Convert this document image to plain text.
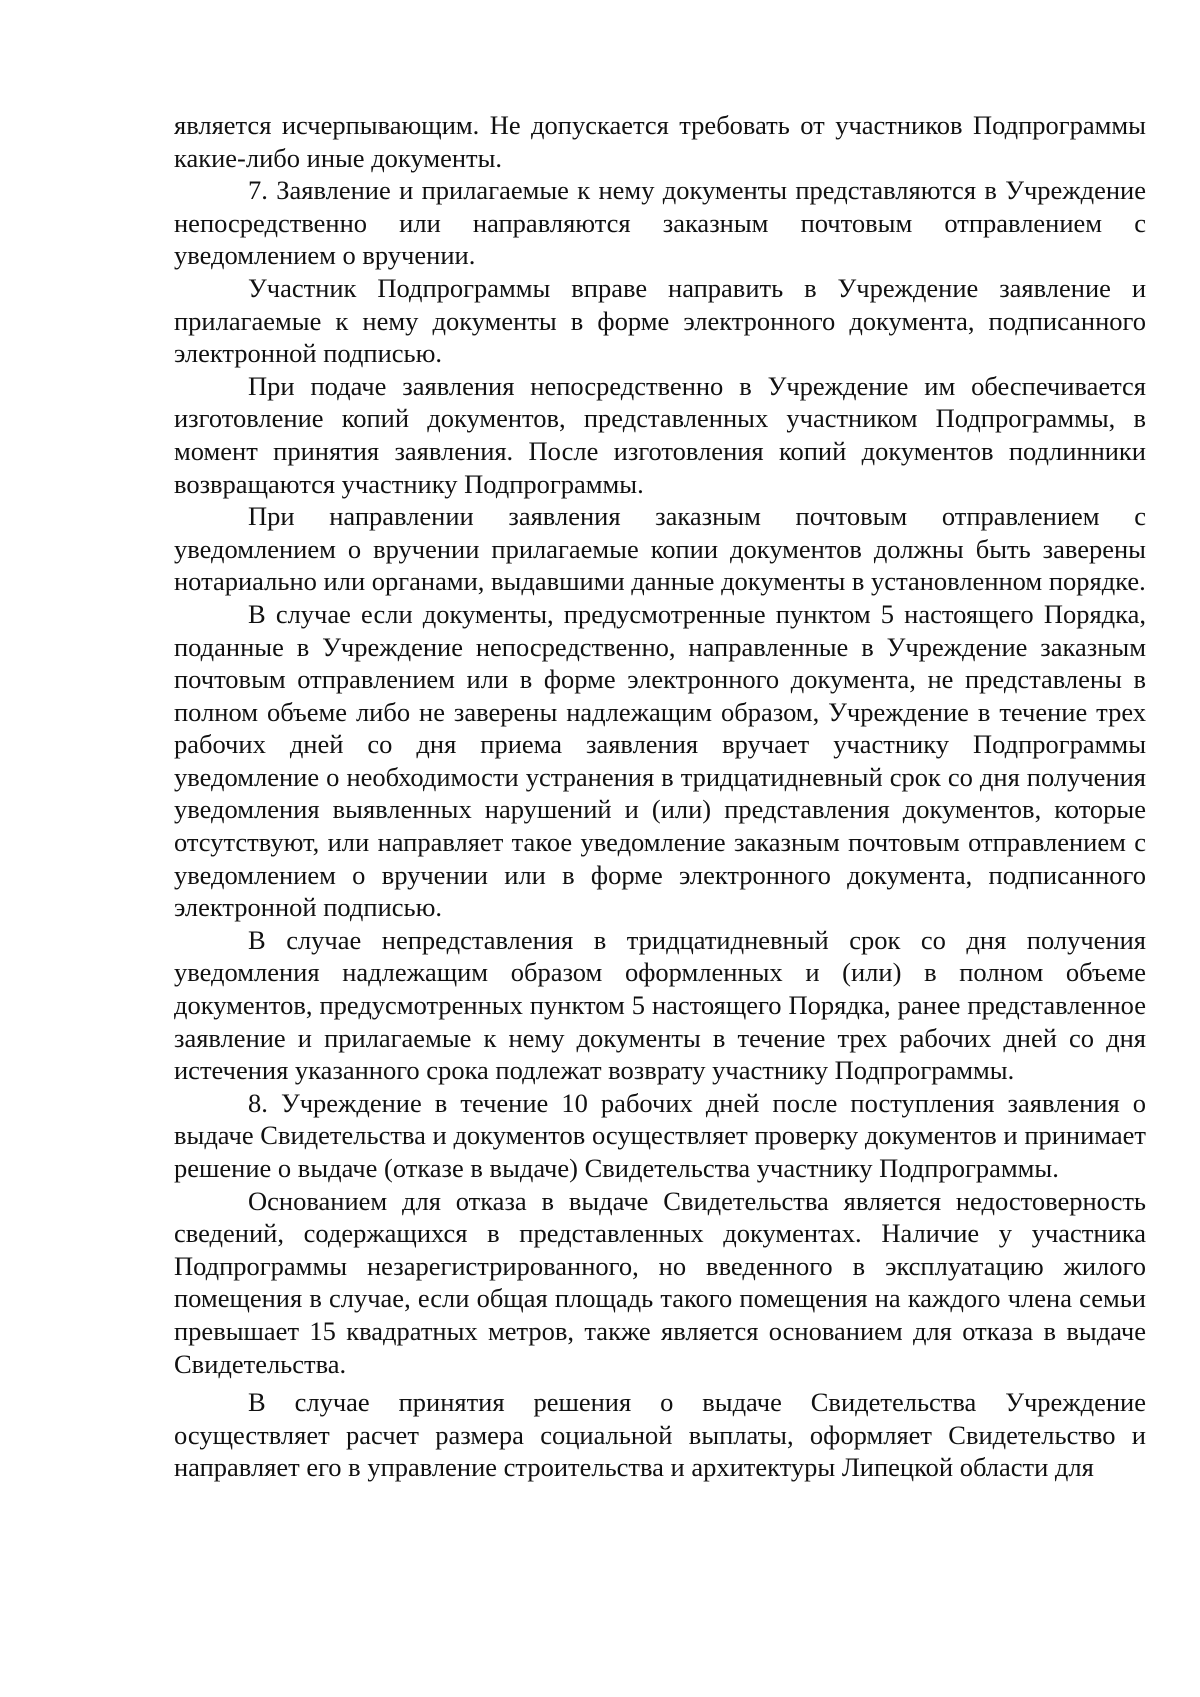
является исчерпывающим. Не допускается требовать от участников Подпрограммы какие-либо иные документы.

7. Заявление и прилагаемые к нему документы представляются в Учреждение непосредственно или направляются заказным почтовым отправлением с уведомлением о вручении.

Участник Подпрограммы вправе направить в Учреждение заявление и прилагаемые к нему документы в форме электронного документа, подписанного электронной подписью.

При подаче заявления непосредственно в Учреждение им обеспечивается изготовление копий документов, представленных участником Подпрограммы, в момент принятия заявления. После изготовления копий документов подлинники возвращаются участнику Подпрограммы.

При направлении заявления заказным почтовым отправлением с уведомлением о вручении прилагаемые копии документов должны быть заверены нотариально или органами, выдавшими данные документы в установленном порядке.

В случае если документы, предусмотренные пунктом 5 настоящего Порядка, поданные в Учреждение непосредственно, направленные в Учреждение заказным почтовым отправлением или в форме электронного документа, не представлены в полном объеме либо не заверены надлежащим образом, Учреждение в течение трех рабочих дней со дня приема заявления вручает участнику Подпрограммы уведомление о необходимости устранения в тридцатидневный срок со дня получения уведомления выявленных нарушений и (или) представления документов, которые отсутствуют, или направляет такое уведомление заказным почтовым отправлением с уведомлением о вручении или в форме электронного документа, подписанного электронной подписью.

В случае непредставления в тридцатидневный срок со дня получения уведомления надлежащим образом оформленных и (или) в полном объеме документов, предусмотренных пунктом 5 настоящего Порядка, ранее представленное заявление и прилагаемые к нему документы в течение трех рабочих дней со дня истечения указанного срока подлежат возврату участнику Подпрограммы.

8. Учреждение в течение 10 рабочих дней после поступления заявления о выдаче Свидетельства и документов осуществляет проверку документов и принимает решение о выдаче (отказе в выдаче) Свидетельства участнику Подпрограммы.

Основанием для отказа в выдаче Свидетельства является недостоверность сведений, содержащихся в представленных документах. Наличие у участника Подпрограммы незарегистрированного, но введенного в эксплуатацию жилого помещения в случае, если общая площадь такого помещения на каждого члена семьи превышает 15 квадратных метров, также является основанием для отказа в выдаче Свидетельства.

В случае принятия решения о выдаче Свидетельства Учреждение осуществляет расчет размера социальной выплаты, оформляет Свидетельство и направляет его в управление строительства и архитектуры Липецкой области для
